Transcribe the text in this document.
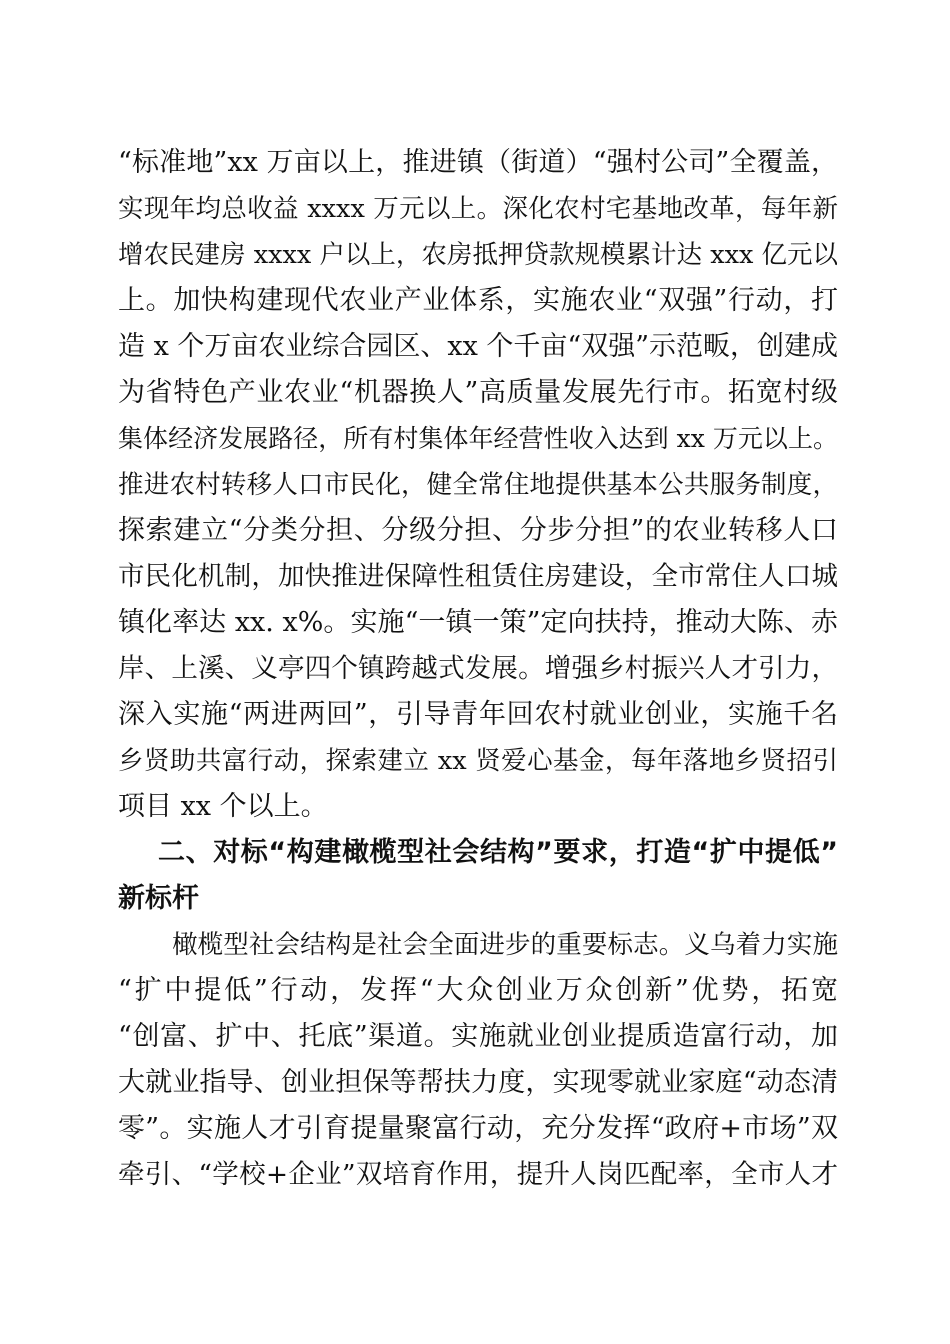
“标准地”xx 万亩以上，推进镇（街道）“强村公司”全覆盖，
实现年均总收益 xxxx 万元以上。深化农村宅基地改革，每年新
增农民建房 xxxx 户以上，农房抵押贷款规模累计达 xxx 亿元以
上。加快构建现代农业产业体系，实施农业“双强”行动，打
造 x 个万亩农业综合园区、xx 个千亩“双强”示范畈，创建成
为省特色产业农业“机器换人”高质量发展先行市。拓宽村级
集体经济发展路径，所有村集体年经营性收入达到 xx 万元以上。
推进农村转移人口市民化，健全常住地提供基本公共服务制度，
探索建立“分类分担、分级分担、分步分担”的农业转移人口
市民化机制，加快推进保障性租赁住房建设，全市常住人口城
镇化率达 xx. x%。实施“一镇一策”定向扶持，推动大陈、赤
岸、上溪、义亭四个镇跨越式发展。增强乡村振兴人才引力，
深入实施“两进两回”，引导青年回农村就业创业，实施千名
乡贤助共富行动，探索建立 xx 贤爱心基金，每年落地乡贤招引
项目 xx 个以上。
二、对标“构建橄榄型社会结构”要求，打造“扩中提低”
新标杆
橄榄型社会结构是社会全面进步的重要标志。义乌着力实施
“扩中提低”行动，发挥“大众创业万众创新”优势，拓宽
“创富、扩中、托底”渠道。实施就业创业提质造富行动，加
大就业指导、创业担保等帮扶力度，实现零就业家庭“动态清
零”。实施人才引育提量聚富行动，充分发挥“政府+市场”双
牵引、“学校+企业”双培育作用，提升人岗匹配率，全市人才
